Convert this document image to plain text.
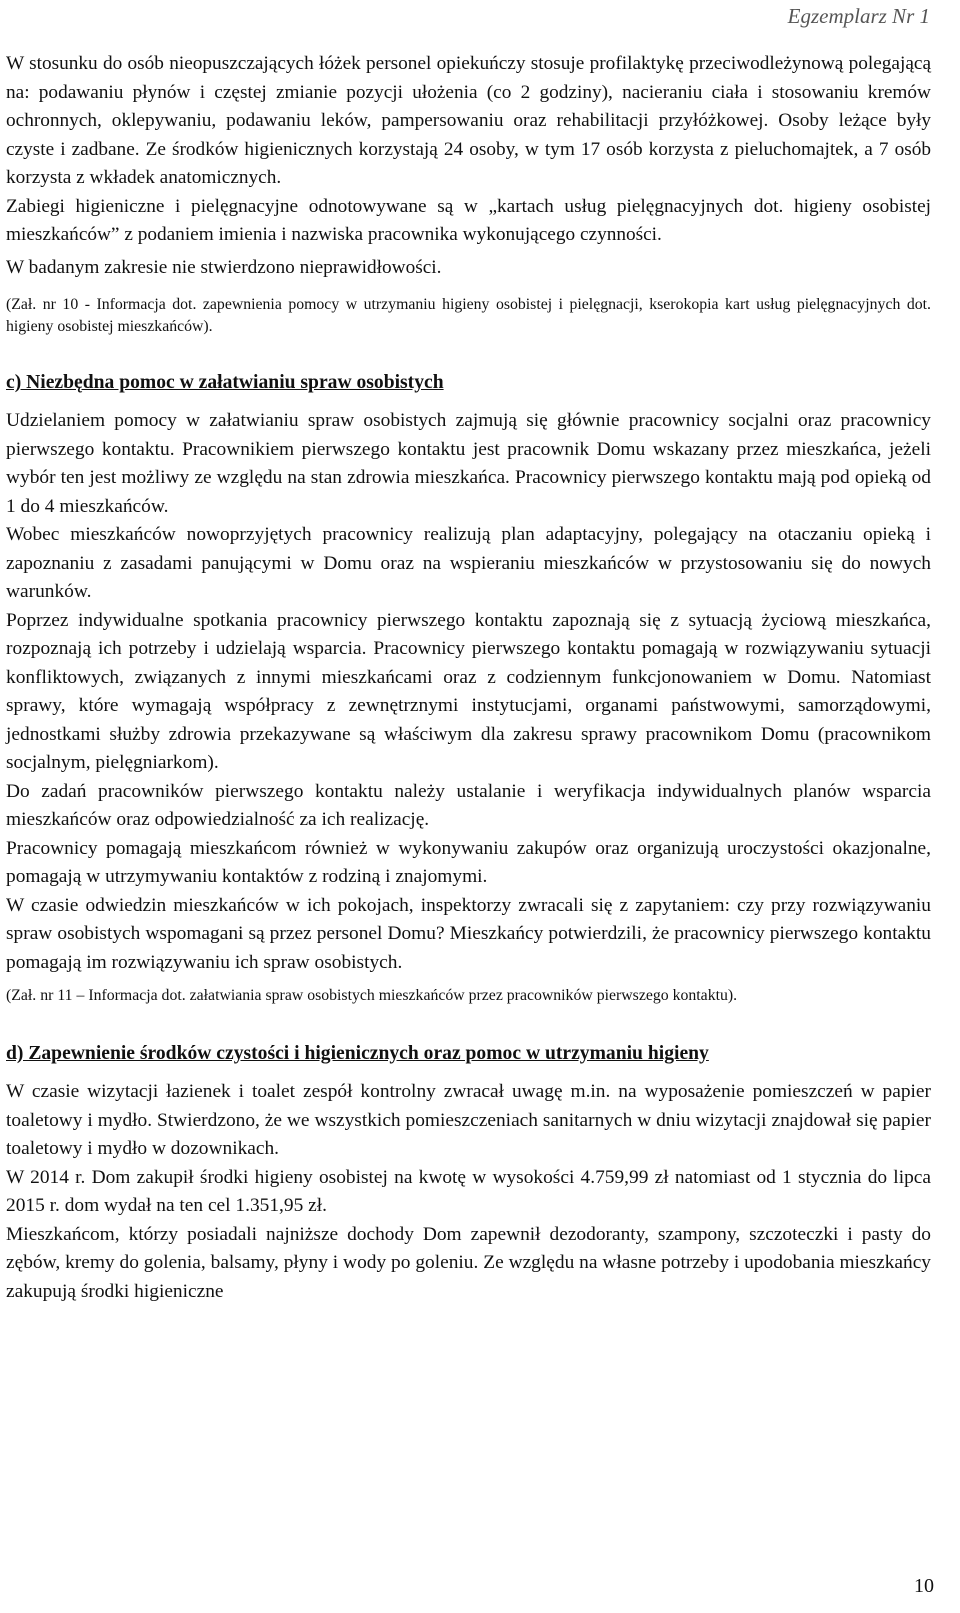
Egzemplarz Nr 1

W stosunku do osób nieopuszczających łóżek personel opiekuńczy stosuje profilaktykę przeciwodleżynową polegającą na: podawaniu płynów i częstej zmianie pozycji ułożenia (co 2 godziny), nacieraniu ciała i stosowaniu kremów ochronnych, oklepywaniu, podawaniu leków, pampersowaniu oraz rehabilitacji przyłóżkowej. Osoby leżące były czyste i zadbane. Ze środków higienicznych korzystają 24 osoby, w tym 17 osób korzysta z pieluchomajtek, a 7 osób korzysta z wkładek anatomicznych.

Zabiegi higieniczne i pielęgnacyjne odnotowywane są w „kartach usług pielęgnacyjnych dot. higieny osobistej mieszkańców” z podaniem imienia i nazwiska pracownika wykonującego czynności.

W badanym zakresie nie stwierdzono nieprawidłowości.

(Zał. nr 10 - Informacja dot. zapewnienia pomocy w utrzymaniu higieny osobistej i pielęgnacji, kserokopia kart usług pielęgnacyjnych dot. higieny osobistej mieszkańców).

c) Niezbędna pomoc w załatwianiu spraw osobistych

Udzielaniem pomocy w załatwianiu spraw osobistych zajmują się głównie pracownicy socjalni oraz pracownicy pierwszego kontaktu. Pracownikiem pierwszego kontaktu jest pracownik Domu wskazany przez mieszkańca, jeżeli wybór ten jest możliwy ze względu na stan zdrowia mieszkańca. Pracownicy pierwszego kontaktu mają pod opieką od 1 do 4 mieszkańców.

Wobec mieszkańców nowoprzyjętych pracownicy realizują plan adaptacyjny, polegający na otaczaniu opieką i zapoznaniu z zasadami panującymi w Domu oraz na wspieraniu mieszkańców w przystosowaniu się do nowych warunków.

Poprzez indywidualne spotkania pracownicy pierwszego kontaktu zapoznają się z sytuacją życiową mieszkańca, rozpoznają ich potrzeby i udzielają wsparcia. Pracownicy pierwszego kontaktu pomagają w rozwiązywaniu sytuacji konfliktowych, związanych z innymi mieszkańcami oraz z codziennym funkcjonowaniem w Domu. Natomiast sprawy, które wymagają współpracy z zewnętrznymi instytucjami, organami państwowymi, samorządowymi, jednostkami służby zdrowia przekazywane są właściwym dla zakresu sprawy pracownikom Domu (pracownikom socjalnym, pielęgniarkom).

Do zadań pracowników pierwszego kontaktu należy ustalanie i weryfikacja indywidualnych planów wsparcia mieszkańców oraz odpowiedzialność za ich realizację.

Pracownicy pomagają mieszkańcom również w wykonywaniu zakupów oraz organizują uroczystości okazjonalne, pomagają w utrzymywaniu kontaktów z rodziną i znajomymi.

W czasie odwiedzin mieszkańców w ich pokojach, inspektorzy zwracali się z zapytaniem: czy przy rozwiązywaniu spraw osobistych wspomagani są przez personel Domu? Mieszkańcy potwierdzili, że pracownicy pierwszego kontaktu pomagają im rozwiązywaniu ich spraw osobistych.

(Zał. nr 11 – Informacja dot. załatwiania spraw osobistych mieszkańców przez pracowników pierwszego kontaktu).

d) Zapewnienie środków czystości i higienicznych oraz pomoc w utrzymaniu higieny

W czasie wizytacji łazienek i toalet zespół kontrolny zwracał uwagę m.in. na wyposażenie pomieszczeń w papier toaletowy i mydło. Stwierdzono, że we wszystkich pomieszczeniach sanitarnych w dniu wizytacji znajdował się papier toaletowy i mydło w dozownikach.

W 2014 r. Dom zakupił środki higieny osobistej na kwotę w wysokości 4.759,99 zł natomiast od 1 stycznia do lipca 2015 r. dom wydał na ten cel 1.351,95 zł.

Mieszkańcom, którzy posiadali najniższe dochody Dom zapewnił dezodoranty, szampony, szczoteczki i pasty do zębów, kremy do golenia, balsamy, płyny i wody po goleniu. Ze względu na własne potrzeby i upodobania mieszkańcy zakupują środki higieniczne

10
